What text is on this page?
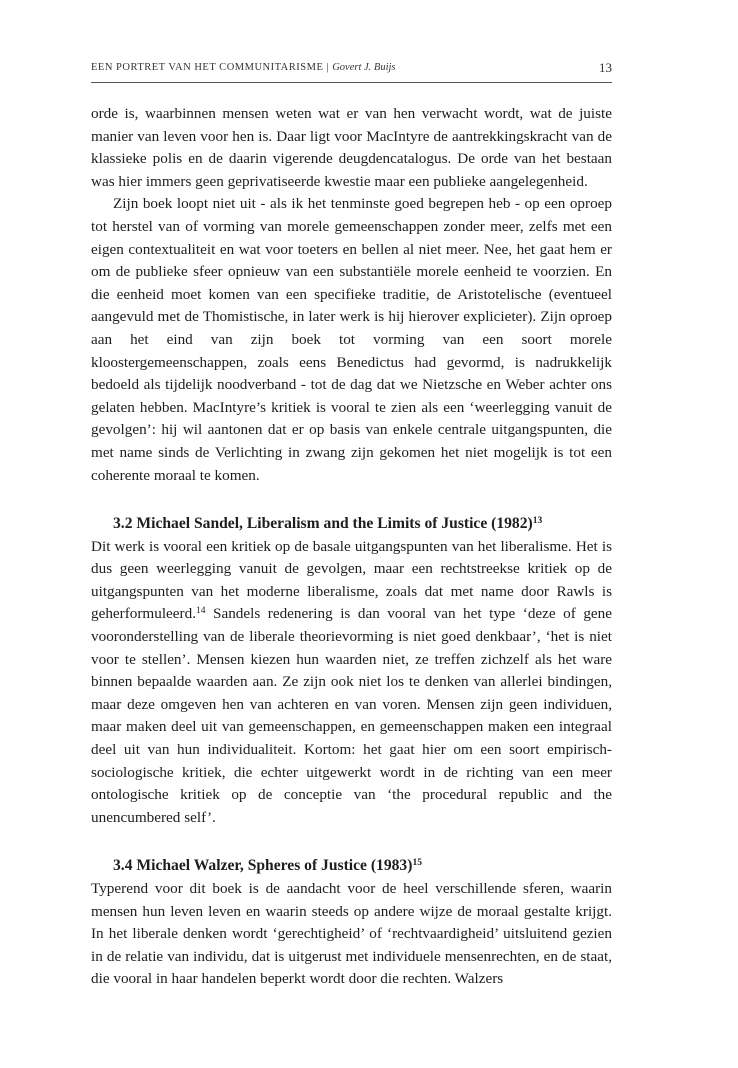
EEN PORTRET VAN HET COMMUNITARISME | Govert J. Buijs	13

orde is, waarbinnen mensen weten wat er van hen verwacht wordt, wat de juiste manier van leven voor hen is. Daar ligt voor MacIntyre de aantrekkingskracht van de klassieke polis en de daarin vigerende deugdencatalogus. De orde van het bestaan was hier immers geen geprivatiseerde kwestie maar een publieke aangelegenheid.

Zijn boek loopt niet uit - als ik het tenminste goed begrepen heb - op een oproep tot herstel van of vorming van morele gemeenschappen zonder meer, zelfs met een eigen contextualiteit en wat voor toeters en bellen al niet meer. Nee, het gaat hem er om de publieke sfeer opnieuw van een substantiële morele eenheid te voorzien. En die eenheid moet komen van een specifieke traditie, de Aristotelische (eventueel aangevuld met de Thomistische, in later werk is hij hierover explicieter). Zijn oproep aan het eind van zijn boek tot vorming van een soort morele kloostergemeenschappen, zoals eens Benedictus had gevormd, is nadrukkelijk bedoeld als tijdelijk noodverband - tot de dag dat we Nietzsche en Weber achter ons gelaten hebben. MacIntyre’s kritiek is vooral te zien als een ‘weerlegging vanuit de gevolgen’: hij wil aantonen dat er op basis van enkele centrale uitgangspunten, die met name sinds de Verlichting in zwang zijn gekomen het niet mogelijk is tot een coherente moraal te komen.

3.2 Michael Sandel, Liberalism and the Limits of Justice (1982)$^{13}$

Dit werk is vooral een kritiek op de basale uitgangspunten van het liberalisme. Het is dus geen weerlegging vanuit de gevolgen, maar een rechtstreekse kritiek op de uitgangspunten van het moderne liberalisme, zoals dat met name door Rawls is geherformuleerd.$^{14}$ Sandels redenering is dan vooral van het type ‘deze of gene vooronderstelling van de liberale theorievorming is niet goed denkbaar’, ‘het is niet voor te stellen’. Mensen kiezen hun waarden niet, ze treffen zichzelf als het ware binnen bepaalde waarden aan. Ze zijn ook niet los te denken van allerlei bindingen, maar deze omgeven hen van achteren en van voren. Mensen zijn geen individuen, maar maken deel uit van gemeenschappen, en gemeenschappen maken een integraal deel uit van hun individualiteit. Kortom: het gaat hier om een soort empirisch-sociologische kritiek, die echter uitgewerkt wordt in de richting van een meer ontologische kritiek op de conceptie van ‘the procedural republic and the unencumbered self’.

3.4 Michael Walzer, Spheres of Justice (1983)$^{15}$

Typerend voor dit boek is de aandacht voor de heel verschillende sferen, waarin mensen hun leven leven en waarin steeds op andere wijze de moraal gestalte krijgt. In het liberale denken wordt ‘gerechtigheid’ of ‘rechtvaardigheid’ uitsluitend gezien in de relatie van individu, dat is uitgerust met individuele mensenrechten, en de staat, die vooral in haar handelen beperkt wordt door die rechten. Walzers
